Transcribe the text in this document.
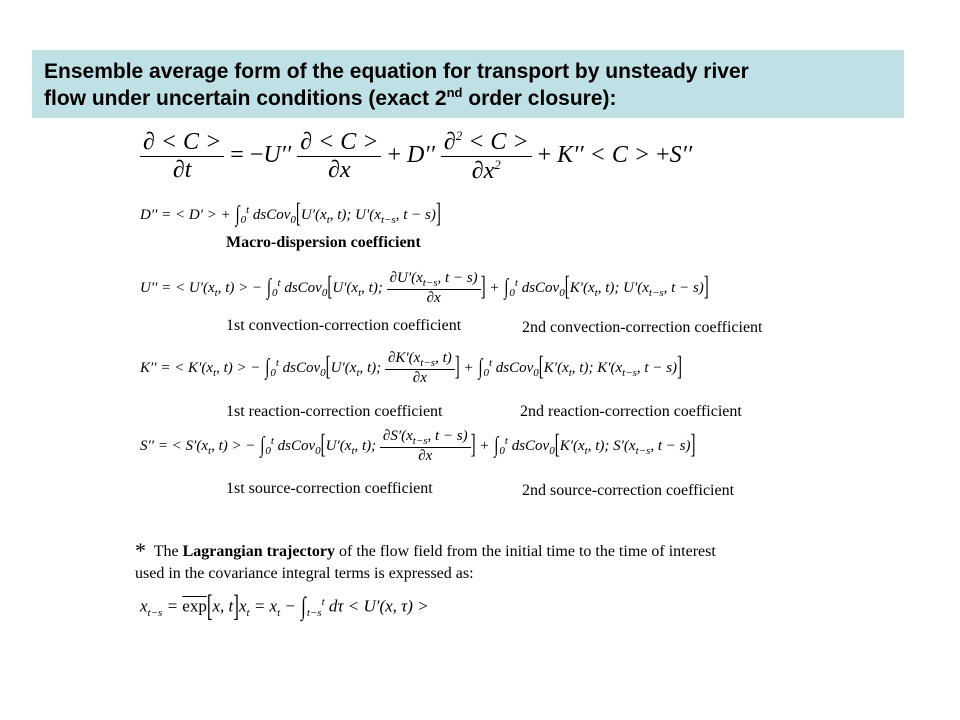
Ensemble average form of the equation for transport by unsteady river
flow under uncertain conditions (exact 2nd order closure):
$\frac{\partial < C >}{\partial t} = -U'' \frac{\partial < C >}{\partial x} + D'' \frac{\partial^2 < C >}{\partial x^2} + K'' < C > +S''$
D′′ = < D′ > + $\int_0^t$ $dsCov_0[U'(x_t$, t); $U'(x_{t-s}$, t − s)]
Macro-dispersion coefficient
U′′ = < $U'(x_t$, t) > − $\int_0^t$ $dsCov_0[U'(x_t$, t); $\frac{\partial U'(x_{t-s}, t - s)}{\partial x}$ ] + $\int_0^t$ $dsCov_0[K'(x_t$, t); $U'(x_{t-s}$, t − s)]
1st convection-correction coefficient	2nd convection-correction coefficient
K′′ = < $K'(x_t$, t) > − $\int_0^t$ $dsCov_0[U'(x_t$, t); $\frac{\partial K'(x_{t-s}, t)}{\partial x}$ ] + $\int_0^t$ $dsCov_0[K'(x_t$, t); $K'(x_{t-s}$, t − s)]
1st reaction-correction coefficient	2nd reaction-correction coefficient
S′′ = < $S'(x_t$, t) > − $\int_0^t$ $dsCov_0[U'(x_t$, t); $\frac{\partial S'(x_{t-s}, t - s)}{\partial x}$ ] + $\int_0^t$ $dsCov_0[K'(x_t$, t); $S'(x_{t-s}$, t − s)]
1st source-correction coefficient	2nd source-correction coefficient
* The Lagrangian trajectory of the flow field from the initial time to the time of interest used in the covariance integral terms is expressed as:
$x_{t-s} = \overline{exp}[x$, $t]x_t = x_t - \int_{t-s}^t$ dτ < U′(x, τ) >
